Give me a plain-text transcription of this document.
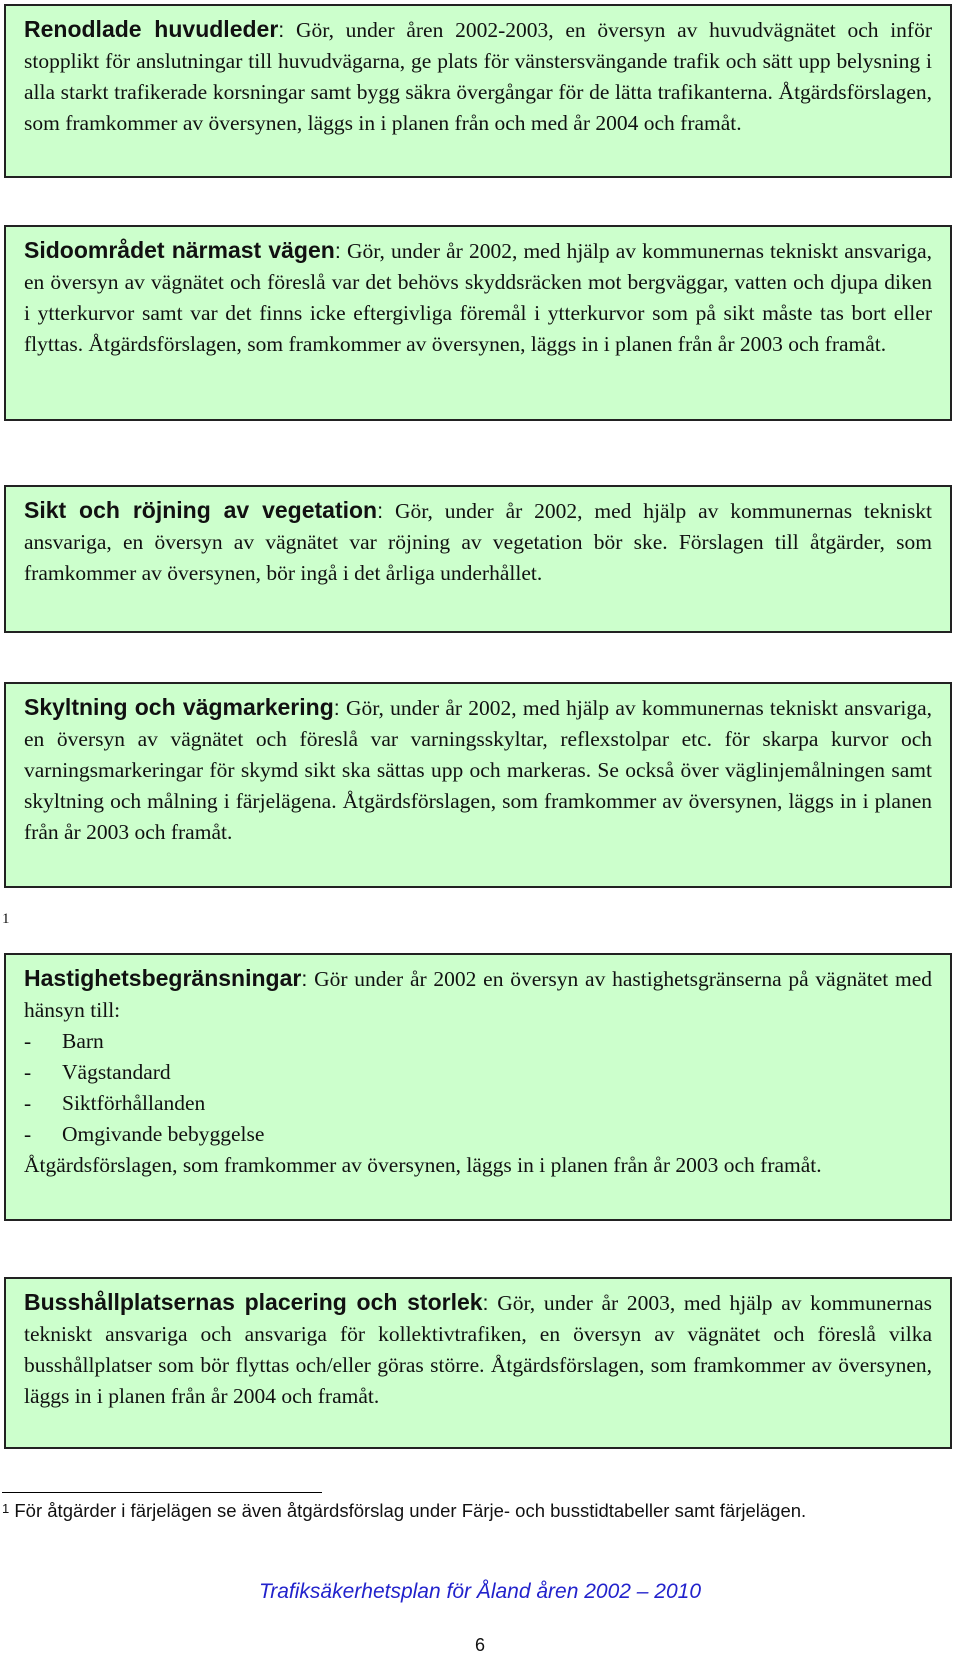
Renodlade huvudleder: Gör, under åren 2002-2003, en översyn av huvudvägnätet och inför stopplikt för anslutningar till huvudvägarna, ge plats för vänstersvängande trafik och sätt upp belysning i alla starkt trafikerade korsningar samt bygg säkra övergångar för de lätta trafikanterna. Åtgärdsförslagen, som framkommer av översynen, läggs in i planen från och med år 2004 och framåt.
Sidoområdet närmast vägen: Gör, under år 2002, med hjälp av kommunernas tekniskt ansvariga, en översyn av vägnätet och föreslå var det behövs skyddsräcken mot bergväggar, vatten och djupa diken i ytterkurvor samt var det finns icke eftergivliga föremål i ytterkurvor som på sikt måste tas bort eller flyttas. Åtgärdsförslagen, som framkommer av översynen, läggs in i planen från år 2003 och framåt.
Sikt och röjning av vegetation: Gör, under år 2002, med hjälp av kommunernas tekniskt ansvariga, en översyn av vägnätet var röjning av vegetation bör ske. Förslagen till åtgärder, som framkommer av översynen, bör ingå i det årliga underhållet.
Skyltning och vägmarkering: Gör, under år 2002, med hjälp av kommunernas tekniskt ansvariga, en översyn av vägnätet och föreslå var varningsskyltar, reflexstolpar etc. för skarpa kurvor och varningsmarkeringar för skymd sikt ska sättas upp och markeras. Se också över väglinjemålningen samt skyltning och målning i färjelägena. Åtgärdsförslagen, som framkommer av översynen, läggs in i planen från år 2003 och framåt.
1
Hastighetsbegränsningar: Gör under år 2002 en översyn av hastighetsgränserna på vägnätet med hänsyn till:
-	Barn
-	Vägstandard
-	Siktförhållanden
-	Omgivande bebyggelse
Åtgärdsförslagen, som framkommer av översynen, läggs in i planen från år 2003 och framåt.
Busshållplatsernas placering och storlek: Gör, under år 2003, med hjälp av kommunernas tekniskt ansvariga och ansvariga för kollektivtrafiken, en översyn av vägnätet och föreslå vilka busshållplatser som bör flyttas och/eller göras större. Åtgärdsförslagen, som framkommer av översynen, läggs in i planen från år 2004 och framåt.
$^1$ För åtgärder i färjelägen se även åtgärdsförslag under Färje- och busstidtabeller samt färjelägen.
Trafiksäkerhetsplan för Åland åren 2002 – 2010
6
